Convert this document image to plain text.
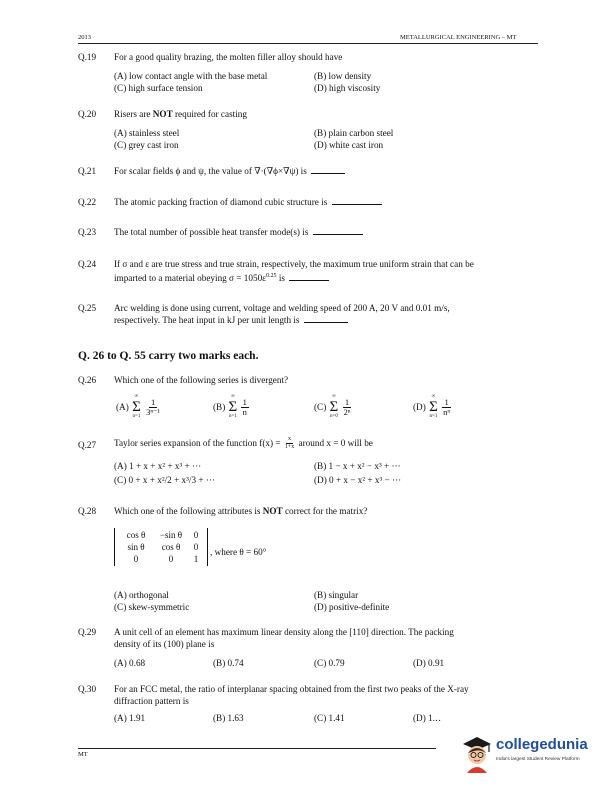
2013	METALLURGICAL ENGINEERING – MT
Q.19 For a good quality brazing, the molten filler alloy should have
(A) low contact angle with the base metal	(B) low density
(C) high surface tension	(D) high viscosity
Q.20 Risers are NOT required for casting
(A) stainless steel	(B) plain carbon steel
(C) grey cast iron	(D) white cast iron
Q.21 For scalar fields ϕ and ψ, the value of ∇·(∇ϕ×∇ψ) is
Q.22 The atomic packing fraction of diamond cubic structure is
Q.23 The total number of possible heat transfer mode(s) is
Q.24 If σ and ε are true stress and true strain, respectively, the maximum true uniform strain that can be
imparted to a material obeying $\sigma = 1050\varepsilon^{0.25}$ is
Q.25 Arc welding is done using current, voltage and welding speed of 200 A, 20 V and 0.01 m/s,
respectively. The heat input in kJ per unit length is
Q. 26 to Q. 55 carry two marks each.
Q.26 Which one of the following series is divergent?
(A)
∞
Σ
n=1
$\frac{1}{\text{3ⁿ⁻¹}}$	(B)
∞
Σ
n=1
$\frac{1}{n}$	(C)
∞
Σ
n=0
$\frac{1}{\text{2ⁿ}}$	(D)
∞
Σ
n=1
$\frac{1}{\text{nⁿ}}$
Q.27 Taylor series expansion of the function $f(x) = \frac{x}{1+x}$ around x = 0 will be
(A) 1 + x + x² + x³ + ···	(B) 1 − x + x² − x³ + ···
(C) 0 + x + x²/2 + x³/3 + ···	(D) 0 + x − x² + x³ − ···
Q.28 Which one of the following attributes is NOT correct for the matrix?
cos θ	−sin θ	0
sin θ	cos θ	0
0	0	1
, where θ = 60°
(A) orthogonal	(B) singular
(C) skew-symmetric	(D) positive-definite
Q.29 A unit cell of an element has maximum linear density along the [110] direction. The packing
density of its (100) plane is
(A) 0.68	(B) 0.74	(C) 0.79	(D) 0.91
Q.30 For an FCC metal, the ratio of interplanar spacing obtained from the first two peaks of the X-ray
diffraction pattern is
(A) 1.91	(B) 1.63	(C) 1.41	(D) 1.‥
MT
collegedunia
India's largest Student Review Platform
